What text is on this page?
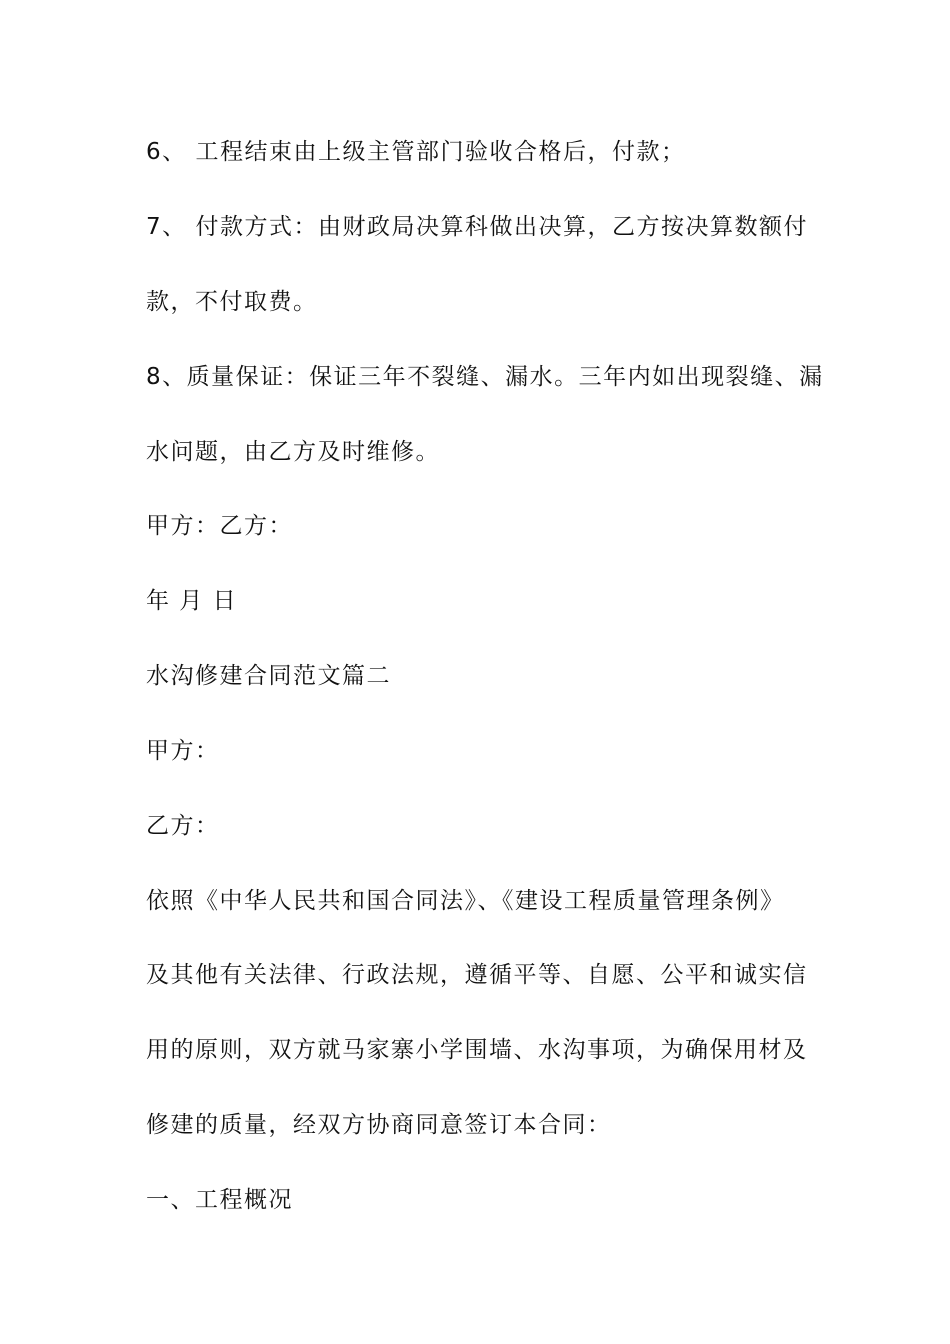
6、 工程结束由上级主管部门验收合格后，付款；
7、 付款方式：由财政局决算科做出决算，乙方按决算数额付
款，不付取费。
8、质量保证：保证三年不裂缝、漏水。三年内如出现裂缝、漏
水问题，由乙方及时维修。
甲方：乙方：
年 月 日
水沟修建合同范文篇二
甲方：
乙方：
依照《中华人民共和国合同法》、《建设工程质量管理条例》
及其他有关法律、行政法规，遵循平等、自愿、公平和诚实信
用的原则，双方就马家寨小学围墙、水沟事项，为确保用材及
修建的质量，经双方协商同意签订本合同：
一、工程概况
